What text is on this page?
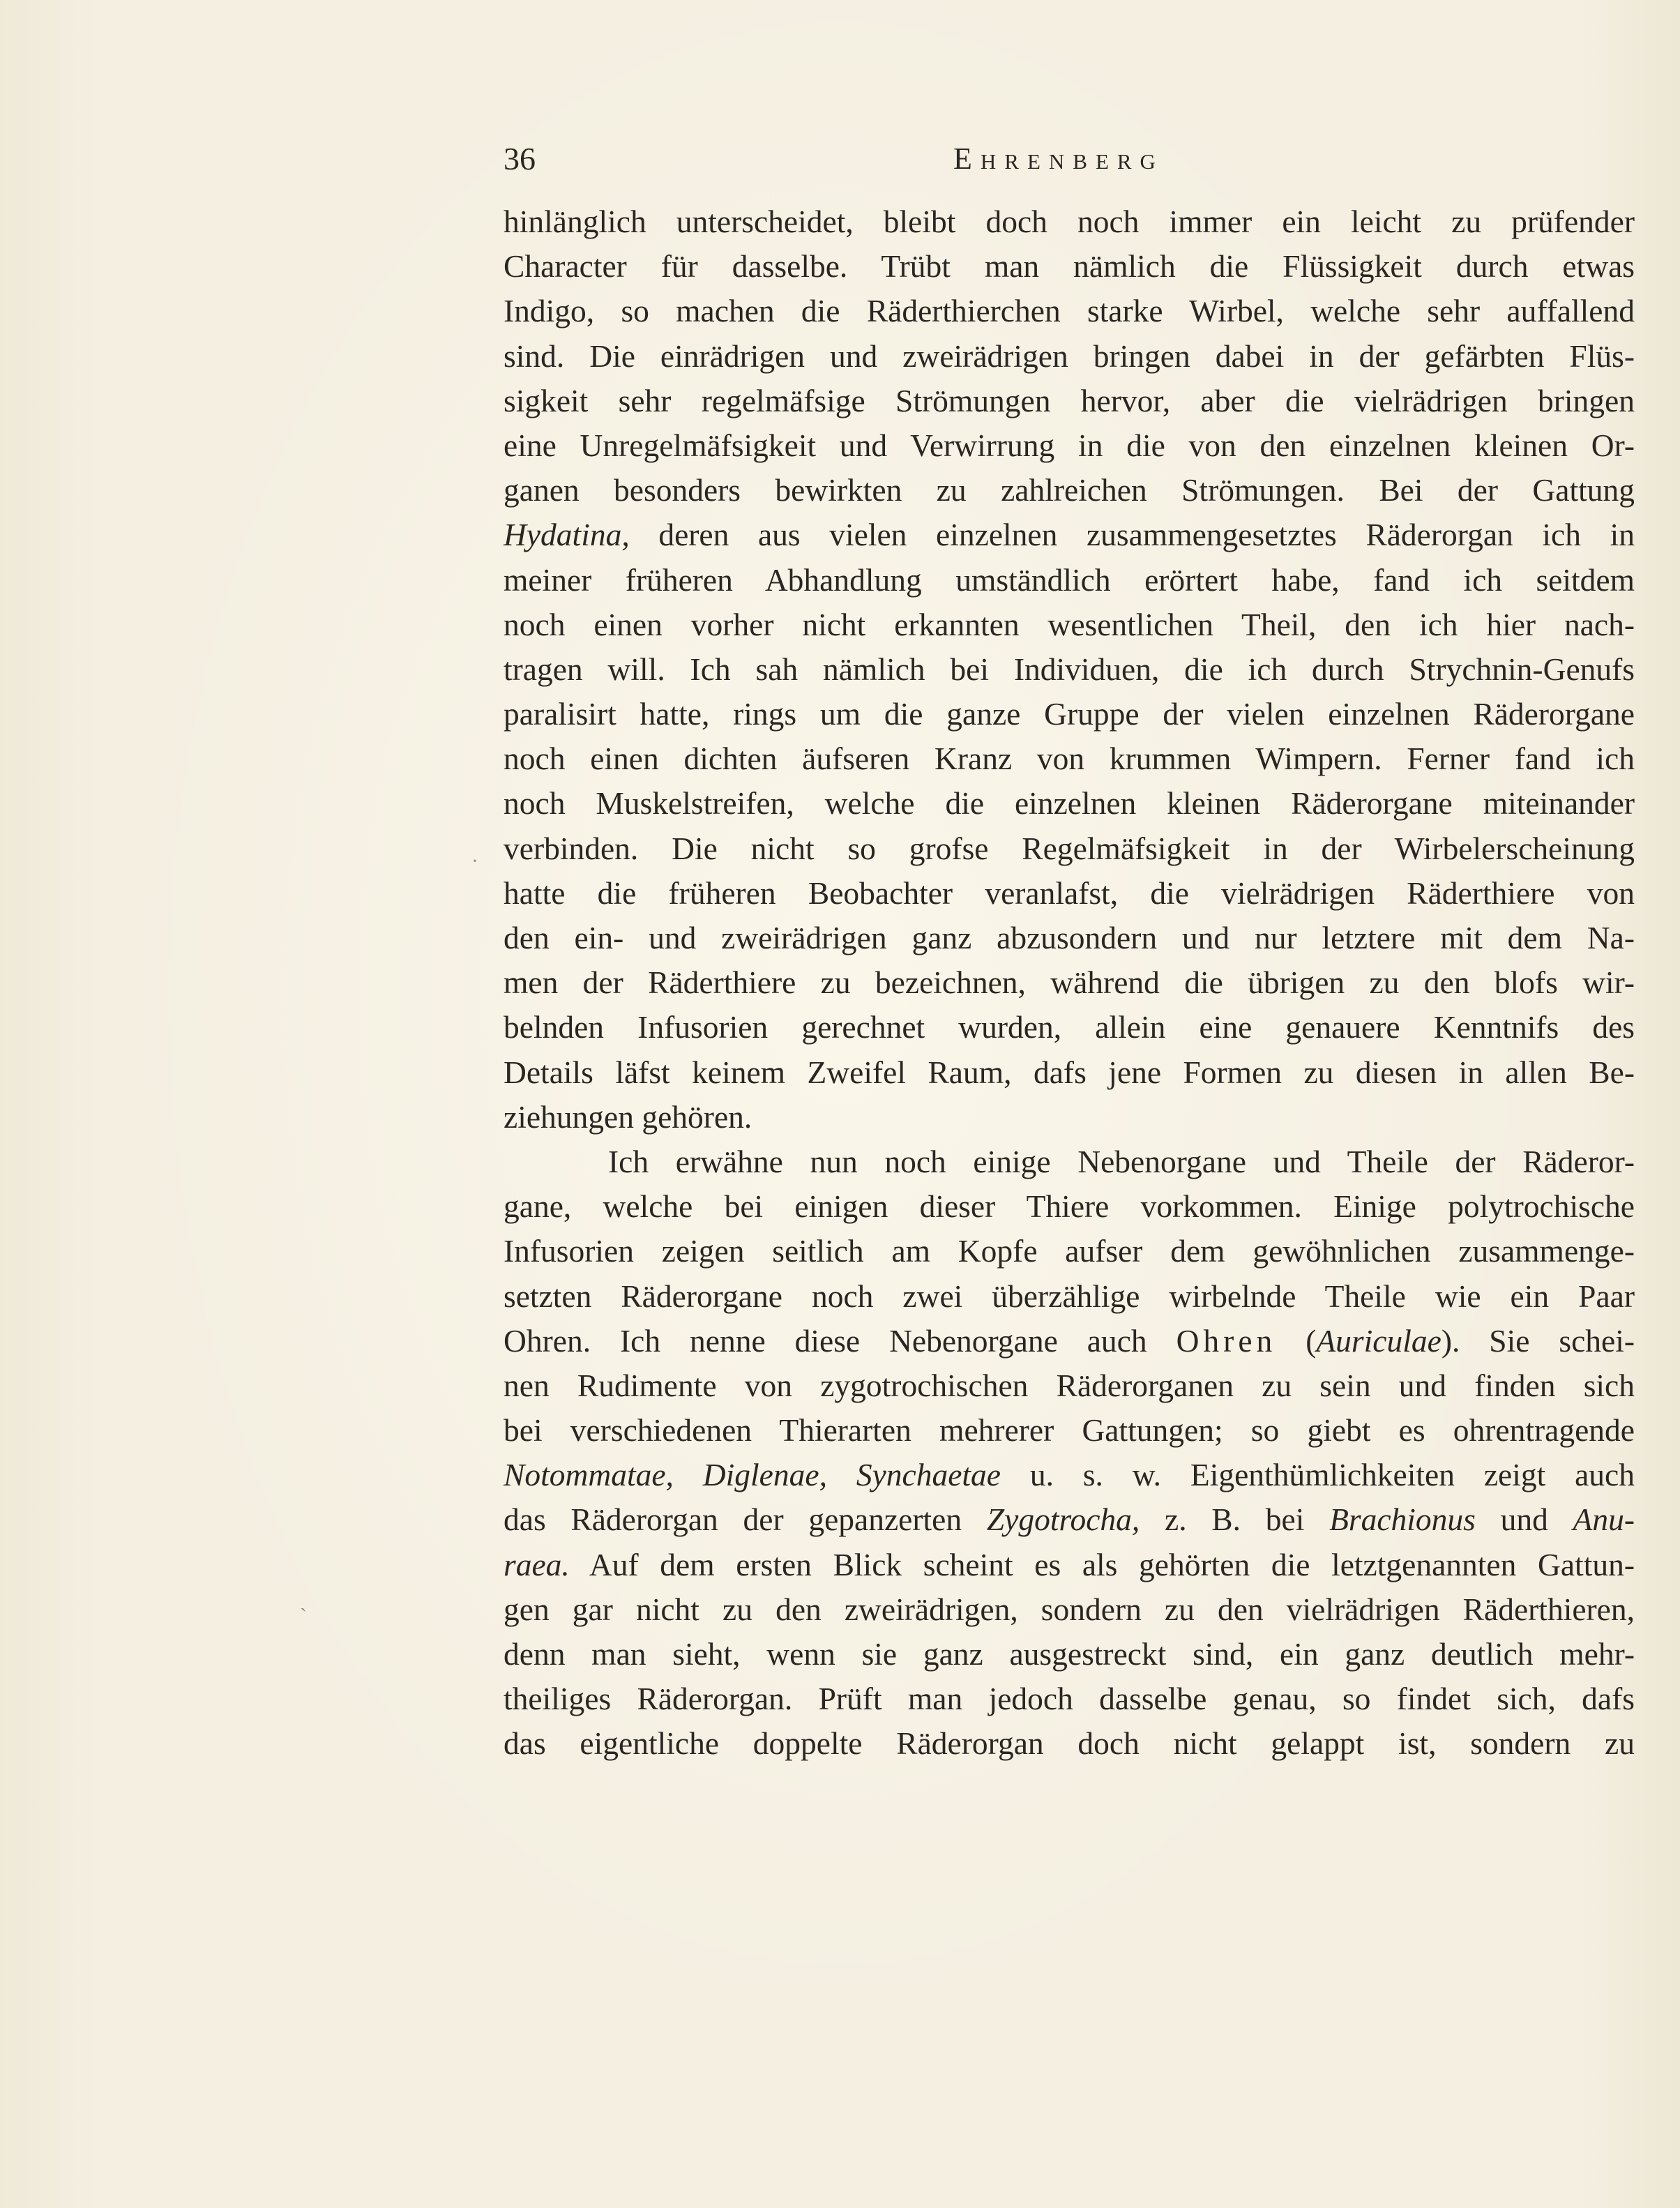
36	Ehrenberg
hinlänglich unterscheidet, bleibt doch noch immer ein leicht zu prüfender
Character für dasselbe. Trübt man nämlich die Flüssigkeit durch etwas
Indigo, so machen die Räderthierchen starke Wirbel, welche sehr auffallend
sind. Die einrädrigen und zweirädrigen bringen dabei in der gefärbten Flüs-
sigkeit sehr regelmäfsige Strömungen hervor, aber die vielrädrigen bringen
eine Unregelmäfsigkeit und Verwirrung in die von den einzelnen kleinen Or-
ganen besonders bewirkten zu zahlreichen Strömungen. Bei der Gattung
Hydatina, deren aus vielen einzelnen zusammengesetztes Räderorgan ich in
meiner früheren Abhandlung umständlich erörtert habe, fand ich seitdem
noch einen vorher nicht erkannten wesentlichen Theil, den ich hier nach-
tragen will. Ich sah nämlich bei Individuen, die ich durch Strychnin-Genufs
paralisirt hatte, rings um die ganze Gruppe der vielen einzelnen Räderorgane
noch einen dichten äufseren Kranz von krummen Wimpern. Ferner fand ich
noch Muskelstreifen, welche die einzelnen kleinen Räderorgane miteinander
verbinden. Die nicht so grofse Regelmäfsigkeit in der Wirbelerscheinung
hatte die früheren Beobachter veranlafst, die vielrädrigen Räderthiere von
den ein- und zweirädrigen ganz abzusondern und nur letztere mit dem Na-
men der Räderthiere zu bezeichnen, während die übrigen zu den blofs wir-
belnden Infusorien gerechnet wurden, allein eine genauere Kenntnifs des
Details läfst keinem Zweifel Raum, dafs jene Formen zu diesen in allen Be-
ziehungen gehören.
Ich erwähne nun noch einige Nebenorgane und Theile der Räderor-
gane, welche bei einigen dieser Thiere vorkommen. Einige polytrochische
Infusorien zeigen seitlich am Kopfe aufser dem gewöhnlichen zusammenge-
setzten Räderorgane noch zwei überzählige wirbelnde Theile wie ein Paar
Ohren. Ich nenne diese Nebenorgane auch Ohren (Auriculae). Sie schei-
nen Rudimente von zygotrochischen Räderorganen zu sein und finden sich
bei verschiedenen Thierarten mehrerer Gattungen; so giebt es ohrentragende
Notommatae, Diglenae, Synchaetae u. s. w. Eigenthümlichkeiten zeigt auch
das Räderorgan der gepanzerten Zygotrocha, z. B. bei Brachionus und Anu-
raea. Auf dem ersten Blick scheint es als gehörten die letztgenannten Gattun-
gen gar nicht zu den zweirädrigen, sondern zu den vielrädrigen Räderthieren,
denn man sieht, wenn sie ganz ausgestreckt sind, ein ganz deutlich mehr-
theiliges Räderorgan. Prüft man jedoch dasselbe genau, so findet sich, dafs
das eigentliche doppelte Räderorgan doch nicht gelappt ist, sondern zu
·
ˎ
